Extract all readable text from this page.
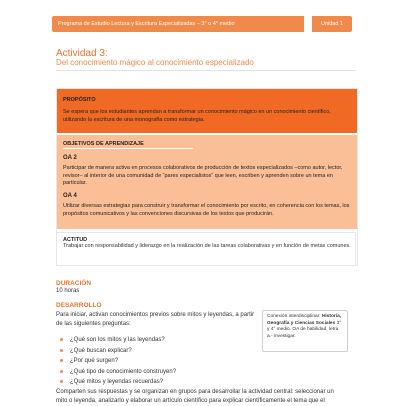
Programa de Estudio Lectura y Escritura Especializadas – 3° o 4° medio	Unidad 1
Actividad 3:
Del conocimiento mágico al conocimiento especializado
PROPÓSITO
Se espera que los estudiantes aprendan a transformar un conocimiento mágico en un conocimiento científico, utilizando la escritura de una monografía como estrategia.
OBJETIVOS DE APRENDIZAJE
OA 2
Participar de manera activa en procesos colaborativos de producción de textos especializados –como autor, lector, revisor– al interior de una comunidad de “pares especialistos” que leen, escriben y aprenden sobre un tema en particular.
OA 4
Utilizar diversas estrategias para construir y transformar el conocimiento por escrito, en coherencia con los temas, los propósitos comunicativos y las convenciones discursivas de los textos que producirán.
ACTITUD
Trabajar con responsabilidad y liderazgo en la realización de las tareas colaborativas y en función de metas comunes.
DURACIÓN
10 horas
DESARROLLO
Para iniciar, activan conocimientos previos sobre mitos y leyendas, a partir de las siguientes preguntas:
¿Qué son los mitos y las leyendas?
¿Qué buscan explicar?
¿Por qué surgen?
¿Qué tipo de conocimiento construyen?
¿Qué mitos y leyendas recuerdas?
Conexión interdisciplinar: Historia, Geografía y Ciencias Sociales 3° y 4° medio. OA de habilidad, letra a.- investigar.
Comparten sus respuestas y se organizan en grupos para desarrollar la actividad central: seleccionar un
mito o leyenda, analizarlo y elaborar un artículo científico para explicar científicamente el tema que el
